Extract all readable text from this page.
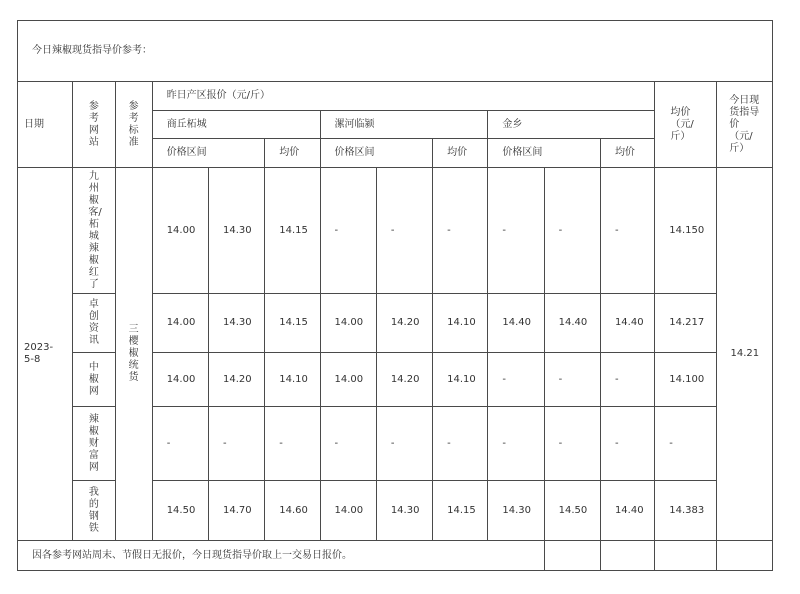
今日辣椒现货指导价参考：													
日期	参考网站	参考标准	昨日产区报价（元/斤）									均价（元/斤）	今日现货指导价（元/斤）
			商丘柘城			漯河临颍			金乡				
			价格区间		均价	价格区间		均价	价格区间		均价		
2023-5-8	九州椒客/柘城辣椒红了	三樱椒统货	14.00	14.30	14.15	-	-	-	-	-	-	14.150	14.21
	卓创资讯		14.00	14.30	14.15	14.00	14.20	14.10	14.40	14.40	14.40	14.217	
	中椒网		14.00	14.20	14.10	14.00	14.20	14.10	-	-	-	14.100	
	辣椒财富网		-	-	-	-	-	-	-	-	-	-	
	我的钢铁		14.50	14.70	14.60	14.00	14.30	14.15	14.30	14.50	14.40	14.383	
因各参考网站周末、节假日无报价，今日现货指导价取上一交易日报价。													
